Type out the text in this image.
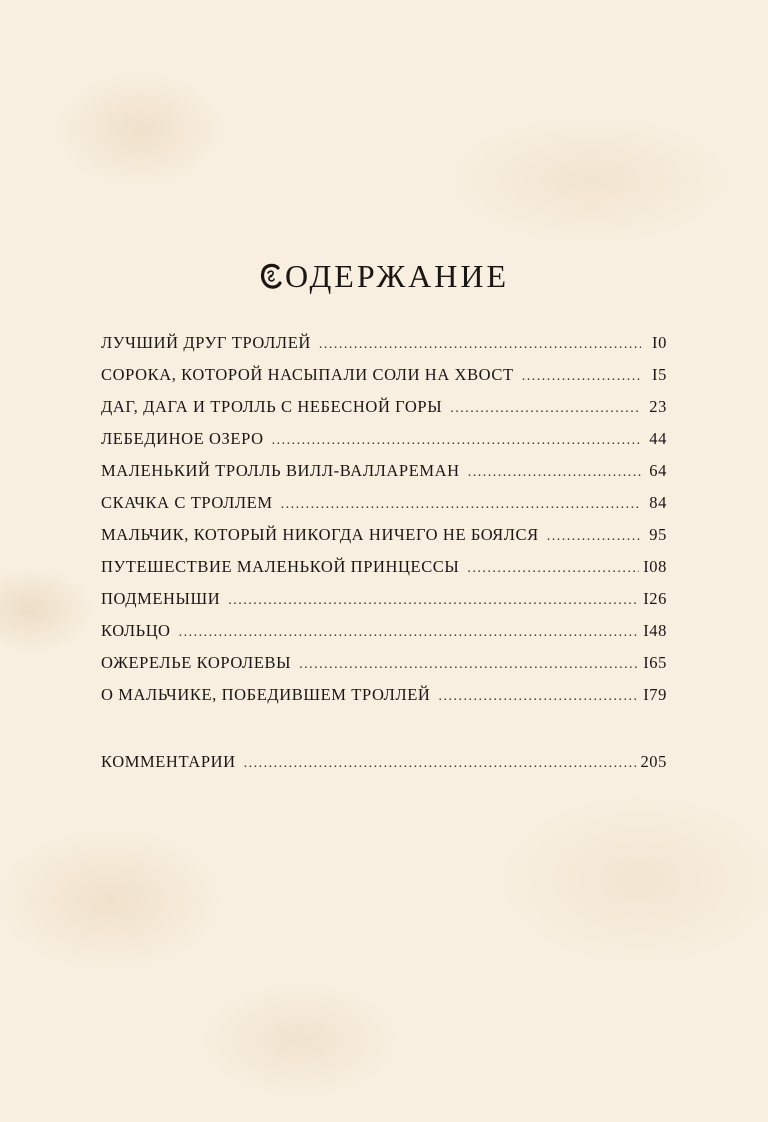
ОДЕРЖАНИЕ
ЛУЧШИЙ ДРУГ ТРОЛЛЕЙ .....	I0
СОРОКА, КОТОРОЙ НАСЫПАЛИ СОЛИ НА ХВОСТ .....	I5
ДАГ, ДАГА И ТРОЛЛЬ С НЕБЕСНОЙ ГОРЫ .....	23
ЛЕБЕДИНОЕ ОЗЕРО .....	44
МАЛЕНЬКИЙ ТРОЛЛЬ ВИЛЛ-ВАЛЛАРЕМАН .....	64
СКАЧКА С ТРОЛЛЕМ .....	84
МАЛЬЧИК, КОТОРЫЙ НИКОГДА НИЧЕГО НЕ БОЯЛСЯ .....	95
ПУТЕШЕСТВИЕ МАЛЕНЬКОЙ ПРИНЦЕССЫ .....	I08
ПОДМЕНЫШИ .....	I26
КОЛЬЦО .....	I48
ОЖЕРЕЛЬЕ КОРОЛЕВЫ .....	I65
О МАЛЬЧИКЕ, ПОБЕДИВШЕМ ТРОЛЛЕЙ .....	I79
КОММЕНТАРИИ .....	205
